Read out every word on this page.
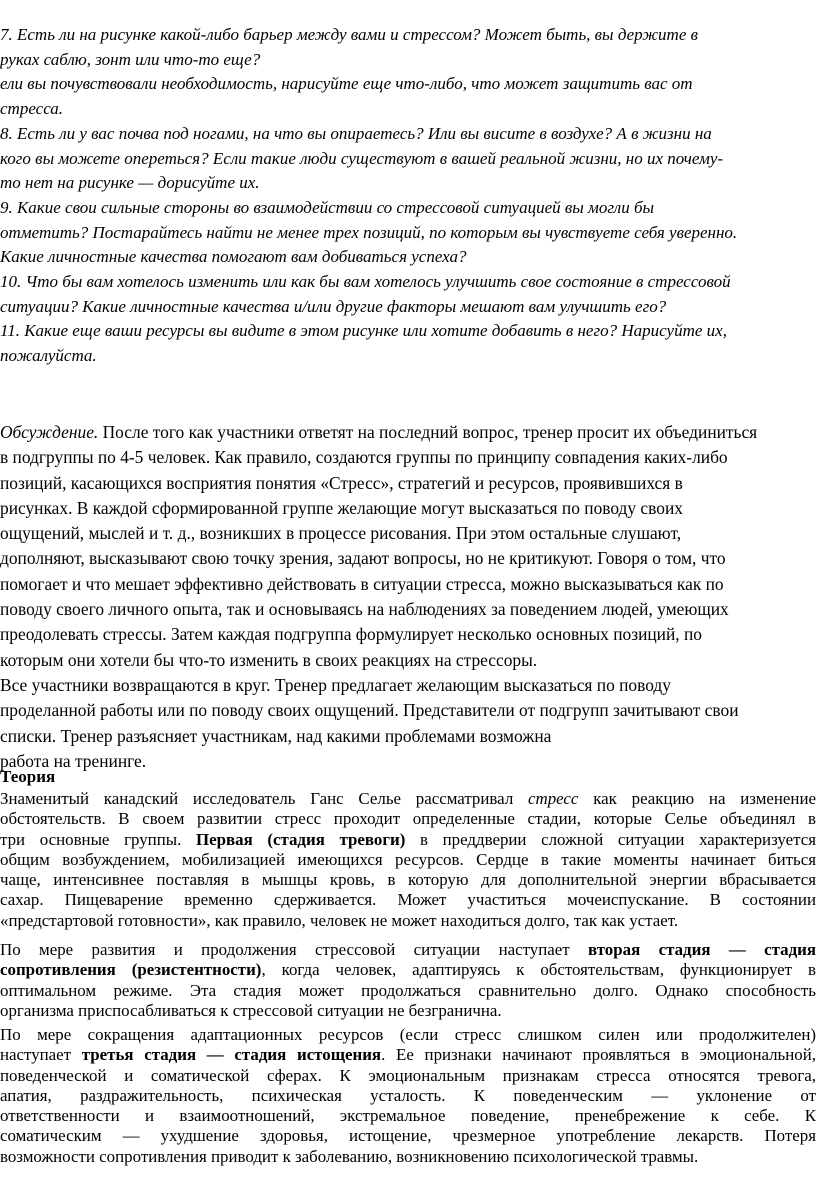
7. Есть ли на рисунке какой-либо барьер между вами и стрессом? Может быть, вы держите в
руках саблю, зонт или что-то еще?
ели вы почувствовали необходимость, нарисуйте еще что-либо, что может защитить вас от
стресса.
8. Есть ли у вас почва под ногами, на что вы опираетесь? Или вы висите в воздухе? А в жизни на
кого вы можете опереться? Если такие люди существуют в вашей реальной жизни, но их почему-
то нет на рисунке — дорисуйте их.
9. Какие свои сильные стороны во взаимодействии со стрессовой ситуацией вы могли бы
отметить? Постарайтесь найти не менее трех позиций, по которым вы чувствуете себя уверенно.
Какие личностные качества помогают вам добиваться успеха?
10. Что бы вам хотелось изменить или как бы вам хотелось улучшить свое состояние в стрессовой
ситуации? Какие личностные качества и/или другие факторы мешают вам улучшить его?
11. Какие еще ваши ресурсы вы видите в этом рисунке или хотите добавить в него? Нарисуйте их,
пожалуйста.
Обсуждение. После того как участники ответят на последний вопрос, тренер просит их объединиться
в подгруппы по 4-5 человек. Как правило, создаются группы по принципу совпадения каких-либо
позиций, касающихся восприятия понятия «Стресс», стратегий и ресурсов, проявившихся в
рисунках. В каждой сформированной группе желающие могут высказаться по поводу своих
ощущений, мыслей и т. д., возникших в процессе рисования. При этом остальные слушают,
дополняют, высказывают свою точку зрения, задают вопросы, но не критикуют. Говоря о том, что
помогает и что мешает эффективно действовать в ситуации стресса, можно высказываться как по
поводу своего личного опыта, так и основываясь на наблюдениях за поведением людей, умеющих
преодолевать стрессы. Затем каждая подгруппа формулирует несколько основных позиций, по
которым они хотели бы что-то изменить в своих реакциях на стрессоры.
Все участники возвращаются в круг. Тренер предлагает желающим высказаться по поводу
проделанной работы или по поводу своих ощущений. Представители от подгрупп зачитывают свои
списки. Тренер разъясняет участникам, над какими проблемами возможна
работа на тренинге.
Теория
Знаменитый канадский исследователь Ганс Селье рассматривал стресс как реакцию на изменение
обстоятельств. В своем развитии стресс проходит определенные стадии, которые Селье объединял в
три основные группы. Первая (стадия тревоги) в преддверии сложной ситуации характеризуется
общим возбуждением, мобилизацией имеющихся ресурсов. Сердце в такие моменты начинает биться
чаще, интенсивнее поставляя в мышцы кровь, в которую для дополнительной энергии вбрасывается
сахар. Пищеварение временно сдерживается. Может участиться мочеиспускание. В состоянии
«предстартовой готовности», как правило, человек не может находиться долго, так как устает.
По мере развития и продолжения стрессовой ситуации наступает вторая стадия — стадия
сопротивления (резистентности), когда человек, адаптируясь к обстоятельствам, функционирует в
оптимальном режиме. Эта стадия может продолжаться сравнительно долго. Однако способность
организма приспосабливаться к стрессовой ситуации не безгранична.
По мере сокращения адаптационных ресурсов (если стресс слишком силен или продолжителен)
наступает третья стадия — стадия истощения. Ее признаки начинают проявляться в эмоциональной,
поведенческой и соматической сферах. К эмоциональным признакам стресса относятся тревога,
апатия, раздражительность, психическая усталость. К поведенческим — уклонение от
ответственности и взаимоотношений, экстремальное поведение, пренебрежение к себе. К
соматическим — ухудшение здоровья, истощение, чрезмерное употребление лекарств. Потеря
возможности сопротивления приводит к заболеванию, возникновению психологической травмы.
